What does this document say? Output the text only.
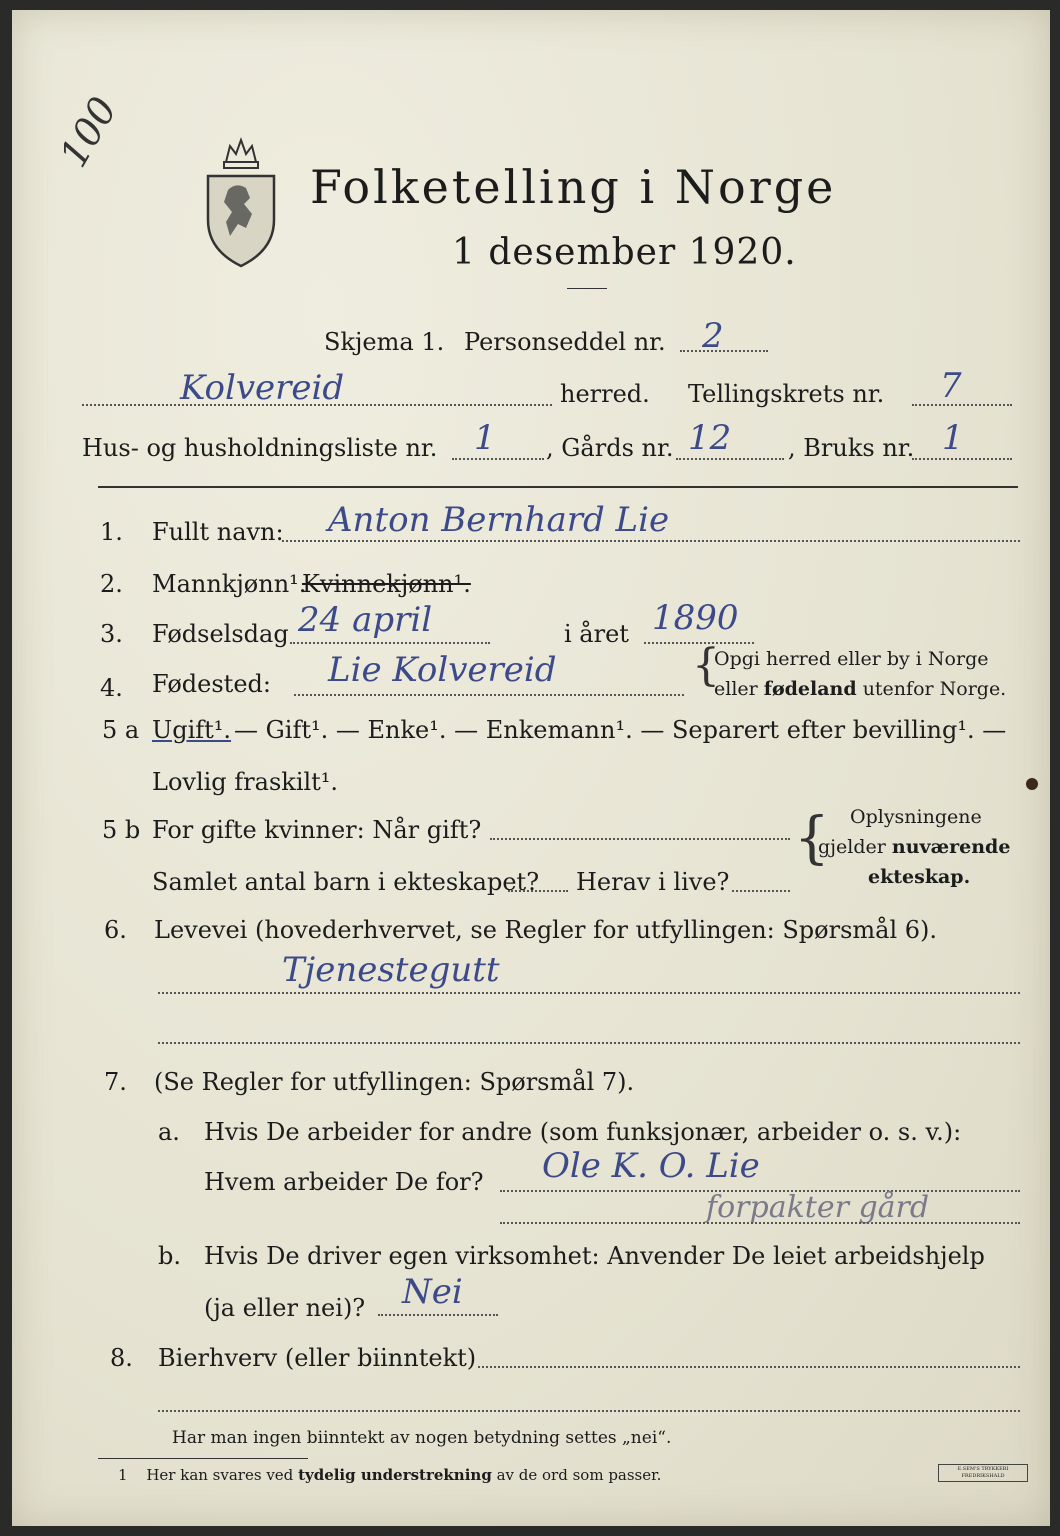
100
Folketelling i Norge
1 desember 1920.
Skjema 1. Personseddel nr. 2
Kolvereid	herred. Tellingskrets nr. 7
Hus- og husholdningsliste nr. 1 , Gårds nr. 12 , Bruks nr. 1
1. Fullt navn: Anton Bernhard Lie
2. Mannkjønn¹.
Kvinnekjønn¹.
3. Fødselsdag 24 april	i året 1890
4. Fødested: Lie Kolvereid	{
Opgi herred eller by i Norge
eller fødeland utenfor Norge.
5 a Ugift¹. — Gift¹. — Enke¹. — Enkemann¹. — Separert efter bevilling¹. —
Lovlig fraskilt¹.
5 b For gifte kvinner: Når gift?
Samlet antal barn i ekteskapet? Herav i live?
{ Oplysningene
gjelder nuværende
ekteskap.
6. Levevei (hovederhvervet, se Regler for utfyllingen: Spørsmål 6).
Tjenestegutt
7. (Se Regler for utfyllingen: Spørsmål 7).
a. Hvis De arbeider for andre (som funksjonær, arbeider o. s. v.):
Hvem arbeider De for? Ole K. O. Lie
forpakter gård
b. Hvis De driver egen virksomhet: Anvender De leiet arbeidshjelp
(ja eller nei)? Nei
8. Bierhverv (eller biinntekt)
Har man ingen biinntekt av nogen betydning settes „nei“.
1 Her kan svares ved tydelig understrekning av de ord som passer.	E.SEM'S TRYKKERI FREDRIKSHALD
